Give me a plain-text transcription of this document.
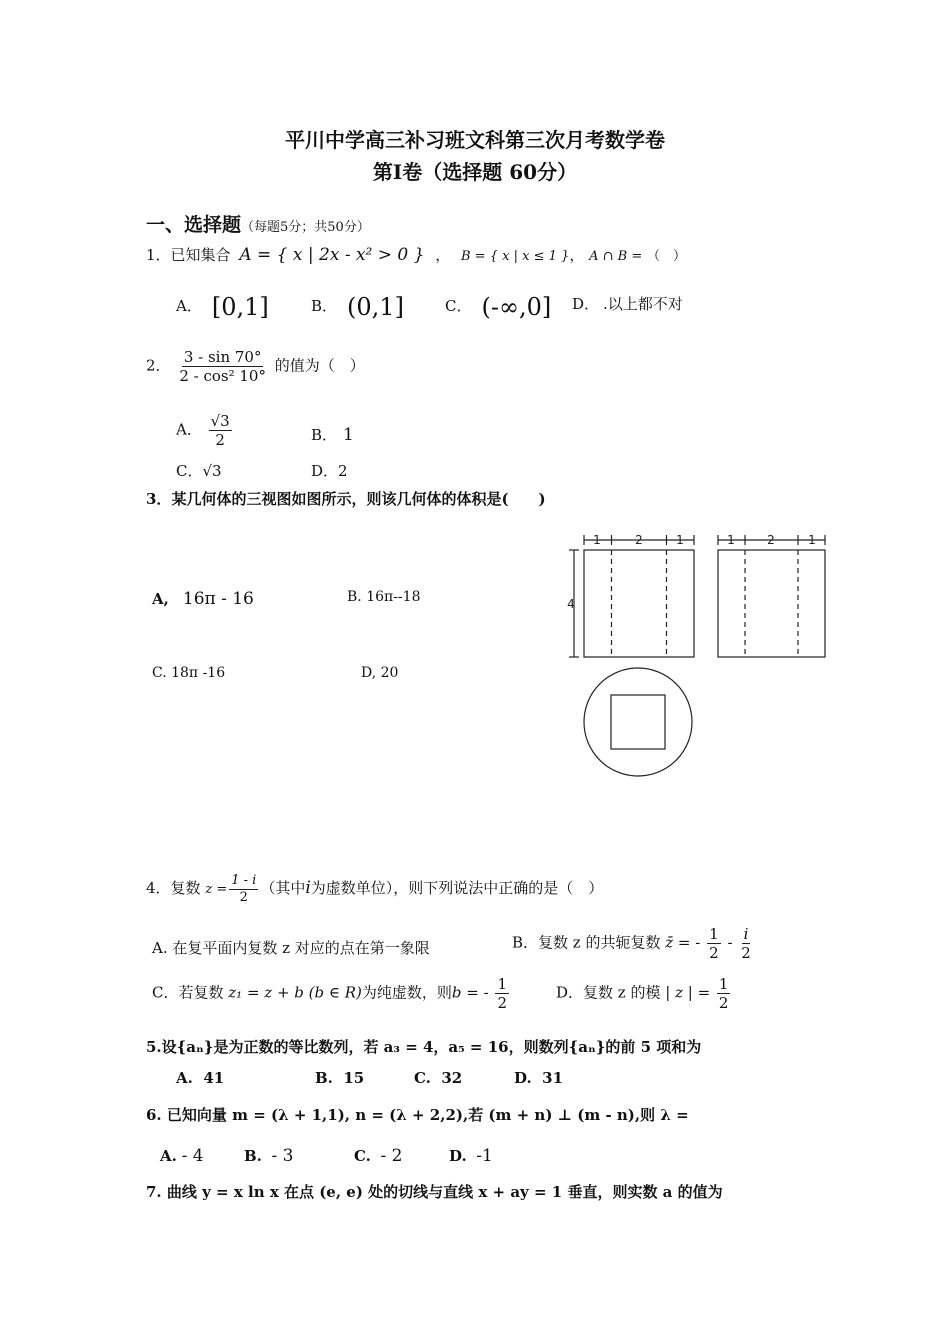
平川中学高三补习班文科第三次月考数学卷
第Ⅰ卷（选择题 60分）
一、选择题（每题5分；共50分）
1．已知集合 A = { x | 2x - x² > 0 } ， B = { x | x ≤ 1 }， A ∩ B = （　）
A． [0,1]	B． (0,1]	C． (-∞,0] D． .以上都不对
2． $\frac{3 - \sin 70^\circ}{\text{2 - cos² 10°}}$ 的值为（　）
A． $\frac{√3}{2}$	B． 1
C．√3	D．2
3．某几何体的三视图如图所示，则该几何体的体积是(　　)
A, 16π - 16	B. 16π--18
C. 18π -16	D, 20
1	2	1	1	2	1
4
4．复数 $z = \frac{1 - i}{2}$ （其中i为虚数单位），则下列说法中正确的是（　）
A. 在复平面内复数 z 对应的点在第一象限	B．复数 z 的共轭复数 z̄ = - $\frac{1}{2} - \frac{i}{2}$
C．若复数 z₁ = z + b (b ∈ R)为纯虚数，则b = - $\frac{1}{2}$	D．复数 z 的模 | z | = $\frac{1}{2}$
5.设{aₙ}是为正数的等比数列，若 a₃ = 4，a₅ = 16，则数列{aₙ}的前 5 项和为
A. 41	B. 15	C. 32	D. 31
6. 已知向量 m = (λ + 1,1), n = (λ + 2,2),若 (m + n) ⊥ (m - n),则 λ =
A. - 4	B. - 3	C. - 2	D. -1
7. 曲线 y = x ln x 在点 (e, e) 处的切线与直线 x + ay = 1 垂直，则实数 a 的值为
